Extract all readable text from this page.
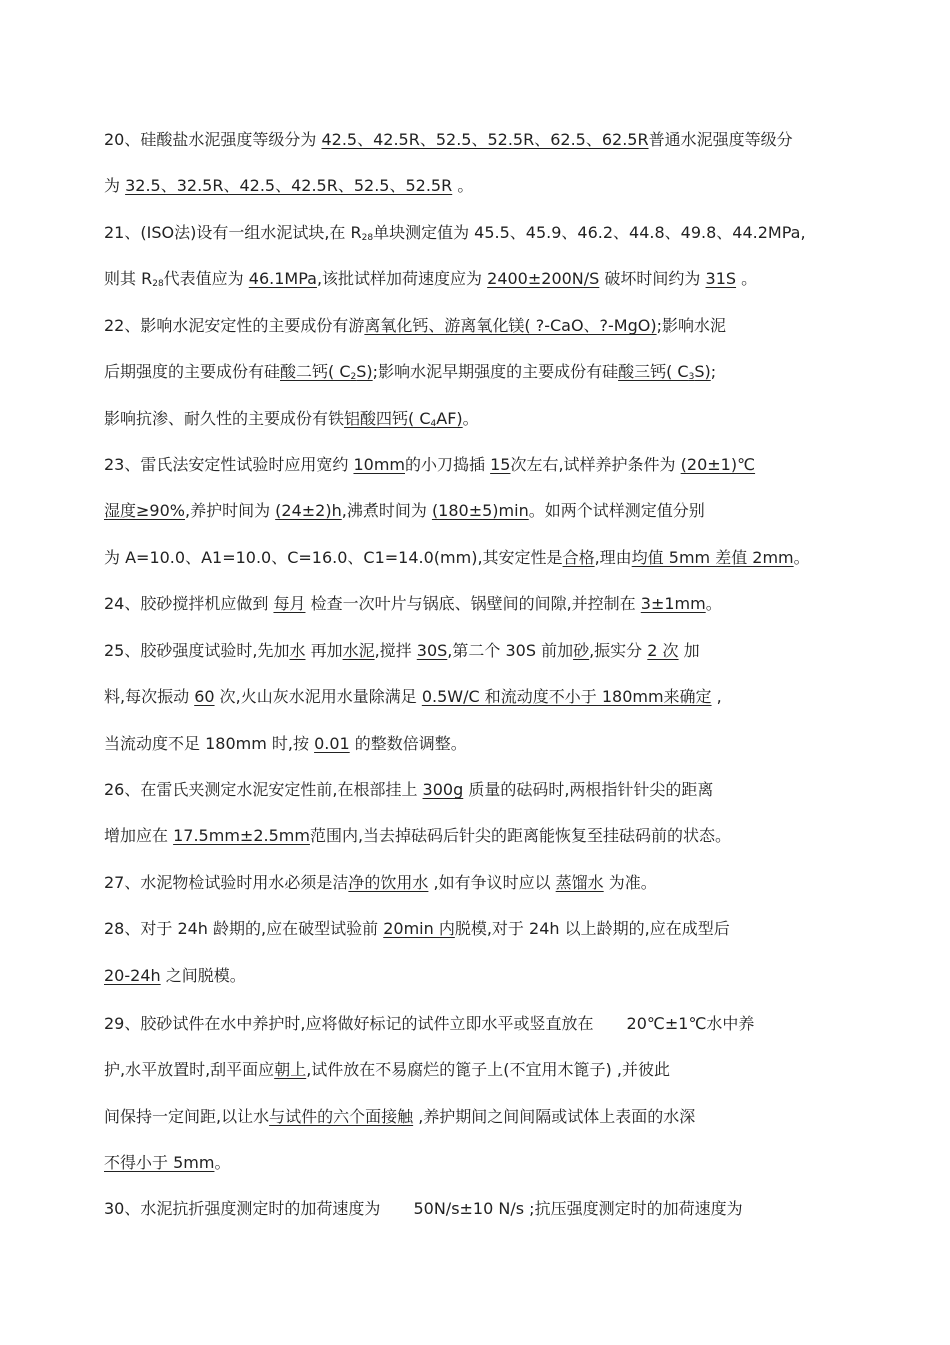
20、硅酸盐水泥强度等级分为 42.5、42.5R、52.5、52.5R、62.5、62.5R普通水泥强度等级分
为 32.5、32.5R、42.5、42.5R、52.5、52.5R 。
21、(ISO法)设有一组水泥试块,在 $R_{28}$单块测定值为 45.5、45.9、46.2、44.8、49.8、44.2MPa,
则其 $R_{28}$代表值应为 46.1MPa,该批试样加荷速度应为 2400±200N/S 破坏时间约为 31S 。
22、影响水泥安定性的主要成份有游离氧化钙、游离氧化镁( ?-CaO、?-MgO);影响水泥
后期强度的主要成份有硅酸二钙( $C_2S$);影响水泥早期强度的主要成份有硅酸三钙( $C_3S$);
影响抗渗、耐久性的主要成份有铁铝酸四钙( $C_4AF$)。
23、雷氏法安定性试验时应用宽约 10mm的小刀捣插 15次左右,试样养护条件为 (20±1)℃
湿度≥90%,养护时间为 (24±2)h,沸煮时间为 (180±5)min。如两个试样测定值分别
为 A=10.0、A1=10.0、C=16.0、C1=14.0(mm),其安定性是合格,理由均值 5mm 差值 2mm。
24、胶砂搅拌机应做到 每月 检查一次叶片与锅底、锅壁间的间隙,并控制在 3±1mm。
25、胶砂强度试验时,先加水 再加水泥,搅拌 30S,第二个 30S 前加砂,振实分 2 次 加
料,每次振动 60 次,火山灰水泥用水量除满足 0.5W/C 和流动度不小于 180mm来确定 ,
当流动度不足 180mm 时,按 0.01 的整数倍调整。
26、在雷氏夹测定水泥安定性前,在根部挂上 300g 质量的砝码时,两根指针针尖的距离
增加应在 17.5mm±2.5mm范围内,当去掉砝码后针尖的距离能恢复至挂砝码前的状态。
27、水泥物检试验时用水必须是洁净的饮用水 ,如有争议时应以 蒸馏水 为准。
28、对于 24h 龄期的,应在破型试验前 20min 内脱模,对于 24h 以上龄期的,应在成型后
20-24h 之间脱模。
29、胶砂试件在水中养护时,应将做好标记的试件立即水平或竖直放在 20℃±1℃水中养
护,水平放置时,刮平面应朝上,试件放在不易腐烂的篦子上(不宜用木篦子) ,并彼此
间保持一定间距,以让水与试件的六个面接触 ,养护期间之间间隔或试体上表面的水深
不得小于 5mm。
30、水泥抗折强度测定时的加荷速度为 50N/s±10 N/s ;抗压强度测定时的加荷速度为
